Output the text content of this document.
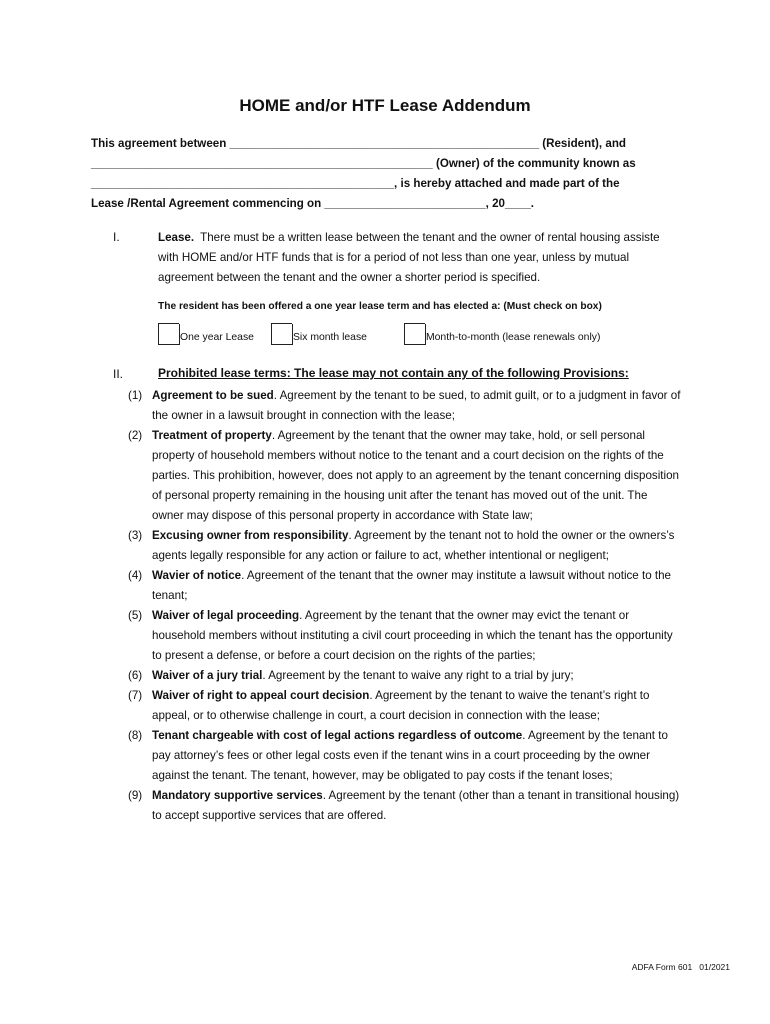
HOME and/or HTF Lease Addendum
This agreement between ________________________________________________ (Resident), and
_____________________________________________________ (Owner) of the community known as
_______________________________________________, is hereby attached and made part of the
Lease /Rental Agreement commencing on _________________________, 20____.
I.	Lease. There must be a written lease between the tenant and the owner of rental housing assiste with HOME and/or HTF funds that is for a period of not less than one year, unless by mutual agreement between the tenant and the owner a shorter period is specified.
The resident has been offered a one year lease term and has elected a: (Must check on box)
One year Lease	Six month lease	Month-to-month (lease renewals only)
II.	Prohibited lease terms: The lease may not contain any of the following Provisions:
(1) Agreement to be sued. Agreement by the tenant to be sued, to admit guilt, or to a judgment in favor of the owner in a lawsuit brought in connection with the lease;
(2) Treatment of property. Agreement by the tenant that the owner may take, hold, or sell personal property of household members without notice to the tenant and a court decision on the rights of the parties. This prohibition, however, does not apply to an agreement by the tenant concerning disposition of personal property remaining in the housing unit after the tenant has moved out of the unit. The owner may dispose of this personal property in accordance with State law;
(3) Excusing owner from responsibility. Agreement by the tenant not to hold the owner or the owners’s agents legally responsible for any action or failure to act, whether intentional or negligent;
(4) Wavier of notice. Agreement of the tenant that the owner may institute a lawsuit without notice to the tenant;
(5) Waiver of legal proceeding. Agreement by the tenant that the owner may evict the tenant or household members without instituting a civil court proceeding in which the tenant has the opportunity to present a defense, or before a court decision on the rights of the parties;
(6) Waiver of a jury trial. Agreement by the tenant to waive any right to a trial by jury;
(7) Waiver of right to appeal court decision. Agreement by the tenant to waive the tenant’s right to appeal, or to otherwise challenge in court, a court decision in connection with the lease;
(8) Tenant chargeable with cost of legal actions regardless of outcome. Agreement by the tenant to pay attorney’s fees or other legal costs even if the tenant wins in a court proceeding by the owner against the tenant. The tenant, however, may be obligated to pay costs if the tenant loses;
(9) Mandatory supportive services. Agreement by the tenant (other than a tenant in transitional housing) to accept supportive services that are offered.
ADFA Form 601   01/2021
